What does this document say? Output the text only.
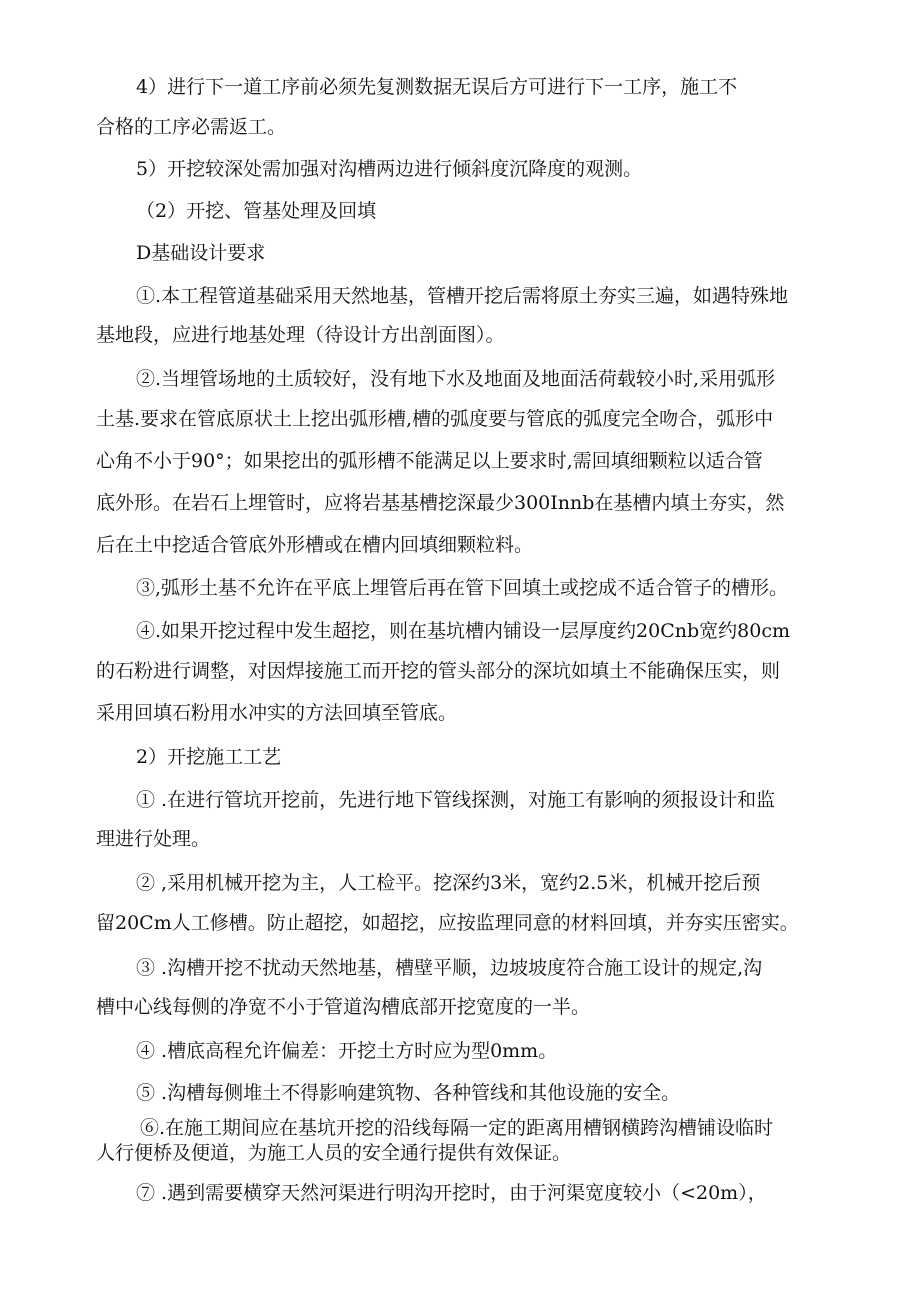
4）进行下一道工序前必须先复测数据无误后方可进行下一工序，施工不
合格的工序必需返工。
5）开挖较深处需加强对沟槽两边进行倾斜度沉降度的观测。
（2）开挖、管基处理及回填
D基础设计要求
①.本工程管道基础采用天然地基，管槽开挖后需将原土夯实三遍，如遇特殊地
基地段，应进行地基处理（待设计方出剖面图）。
②.当埋管场地的土质较好，没有地下水及地面及地面活荷载较小时,采用弧形
土基.要求在管底原状土上挖出弧形槽,槽的弧度要与管底的弧度完全吻合，弧形中
心角不小于90°；如果挖出的弧形槽不能满足以上要求时,需回填细颗粒以适合管
底外形。在岩石上埋管时，应将岩基基槽挖深最少300Innb在基槽内填土夯实，然
后在土中挖适合管底外形槽或在槽内回填细颗粒料。
③,弧形土基不允许在平底上埋管后再在管下回填土或挖成不适合管子的槽形。
④.如果开挖过程中发生超挖，则在基坑槽内铺设一层厚度约20Cnb宽约80cm
的石粉进行调整，对因焊接施工而开挖的管头部分的深坑如填土不能确保压实，则
采用回填石粉用水冲实的方法回填至管底。
2）开挖施工工艺
① .在进行管坑开挖前，先进行地下管线探测，对施工有影响的须报设计和监
理进行处理。
② ,采用机械开挖为主，人工检平。挖深约3米，宽约2.5米，机械开挖后预
留20Cm人工修槽。防止超挖，如超挖，应按监理同意的材料回填，并夯实压密实。
③ .沟槽开挖不扰动天然地基，槽壁平顺，边坡坡度符合施工设计的规定,沟
槽中心线每侧的净宽不小于管道沟槽底部开挖宽度的一半。
④ .槽底高程允许偏差：开挖土方时应为型0mm。
⑤ .沟槽每侧堆土不得影响建筑物、各种管线和其他设施的安全。
⑥.在施工期间应在基坑开挖的沿线每隔一定的距离用槽钢横跨沟槽铺设临时
人行便桥及便道，为施工人员的安全通行提供有效保证。
⑦ .遇到需要横穿天然河渠进行明沟开挖时，由于河渠宽度较小（<20m），
